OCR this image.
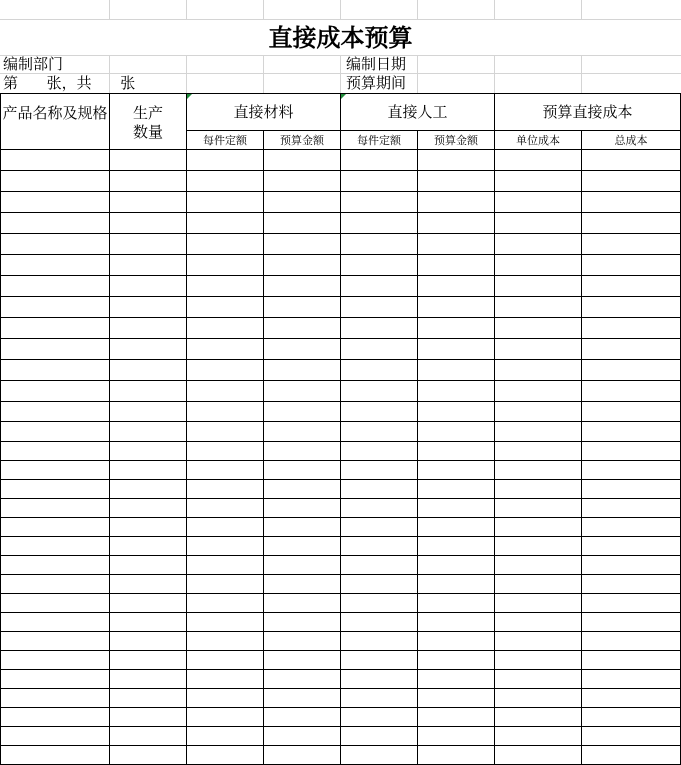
直接成本预算
编制部门
第      张，共      张
编制日期
预算期间
产品名称及规格	生产数量	直接材料		直接人工		预算直接成本	
		每件定额	预算金额	每件定额	预算金额	单位成本	总成本
